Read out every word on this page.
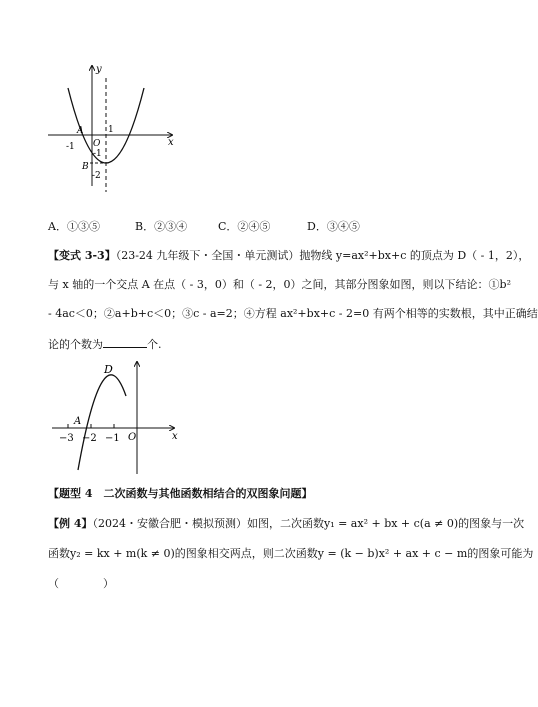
y
x
O
1
-1
-1
-2
A
B
A．①③⑤	B．②③④	C．②④⑤	D．③④⑤
【变式 3-3】（23-24 九年级下・全国・单元测试）抛物线 y=ax²+bx+c 的顶点为 D（ - 1，2），
与 x 轴的一个交点 A 在点（ - 3，0）和（ - 2，0）之间，其部分图象如图，则以下结论：①b²
- 4ac＜0；②a+b+c＜0；③c - a=2；④方程 ax²+bx+c - 2=0 有两个相等的实数根，其中正确结
论的个数为	个.
D
A
x
O
−3 −2 −1
【题型 4　二次函数与其他函数相结合的双图象问题】
【例 4】（2024・安徽合肥・模拟预测）如图，二次函数y₁ = ax² + bx + c(a ≠ 0)的图象与一次
函数y₂ = kx + m(k ≠ 0)的图象相交两点，则二次函数y = (k − b)x² + ax + c − m的图象可能为
（　　　　）
